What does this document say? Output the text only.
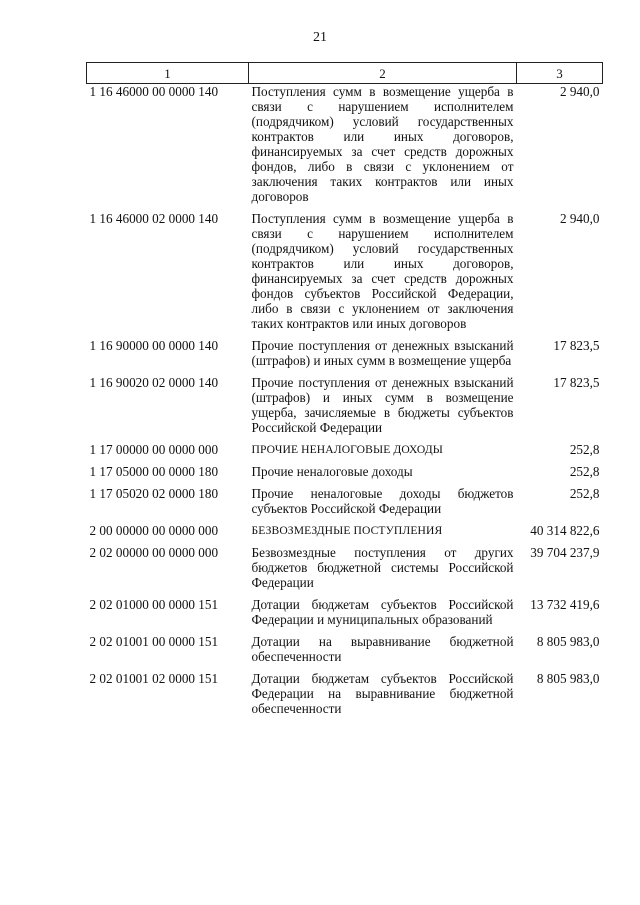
21
1	2	3
1 16 46000 00 0000 140	Поступления сумм в возмещение ущерба в связи с нарушением исполнителем (подрядчиком) условий государственных контрактов или иных договоров, финансируемых за счет средств дорожных фондов, либо в связи с уклонением от заключения таких контрактов или иных договоров	2 940,0
1 16 46000 02 0000 140	Поступления сумм в возмещение ущерба в связи с нарушением исполнителем (подрядчиком) условий государственных контрактов или иных договоров, финансируемых за счет средств дорожных фондов субъектов Российской Федерации, либо в связи с уклонением от заключения таких контрактов или иных договоров	2 940,0
1 16 90000 00 0000 140	Прочие поступления от денежных взысканий (штрафов) и иных сумм в возмещение ущерба	17 823,5
1 16 90020 02 0000 140	Прочие поступления от денежных взысканий (штрафов) и иных сумм в возмещение ущерба, зачисляемые в бюджеты субъектов Российской Федерации	17 823,5
1 17 00000 00 0000 000	ПРОЧИЕ НЕНАЛОГОВЫЕ ДОХОДЫ	252,8
1 17 05000 00 0000 180	Прочие неналоговые доходы	252,8
1 17 05020 02 0000 180	Прочие неналоговые доходы бюджетов субъектов Российской Федерации	252,8
2 00 00000 00 0000 000	БЕЗВОЗМЕЗДНЫЕ ПОСТУПЛЕНИЯ	40 314 822,6
2 02 00000 00 0000 000	Безвозмездные поступления от других бюджетов бюджетной системы Российской Федерации	39 704 237,9
2 02 01000 00 0000 151	Дотации бюджетам субъектов Российской Федерации и муниципальных образований	13 732 419,6
2 02 01001 00 0000 151	Дотации на выравнивание бюджетной обеспеченности	8 805 983,0
2 02 01001 02 0000 151	Дотации бюджетам субъектов Российской Федерации на выравнивание бюджетной обеспеченности	8 805 983,0
